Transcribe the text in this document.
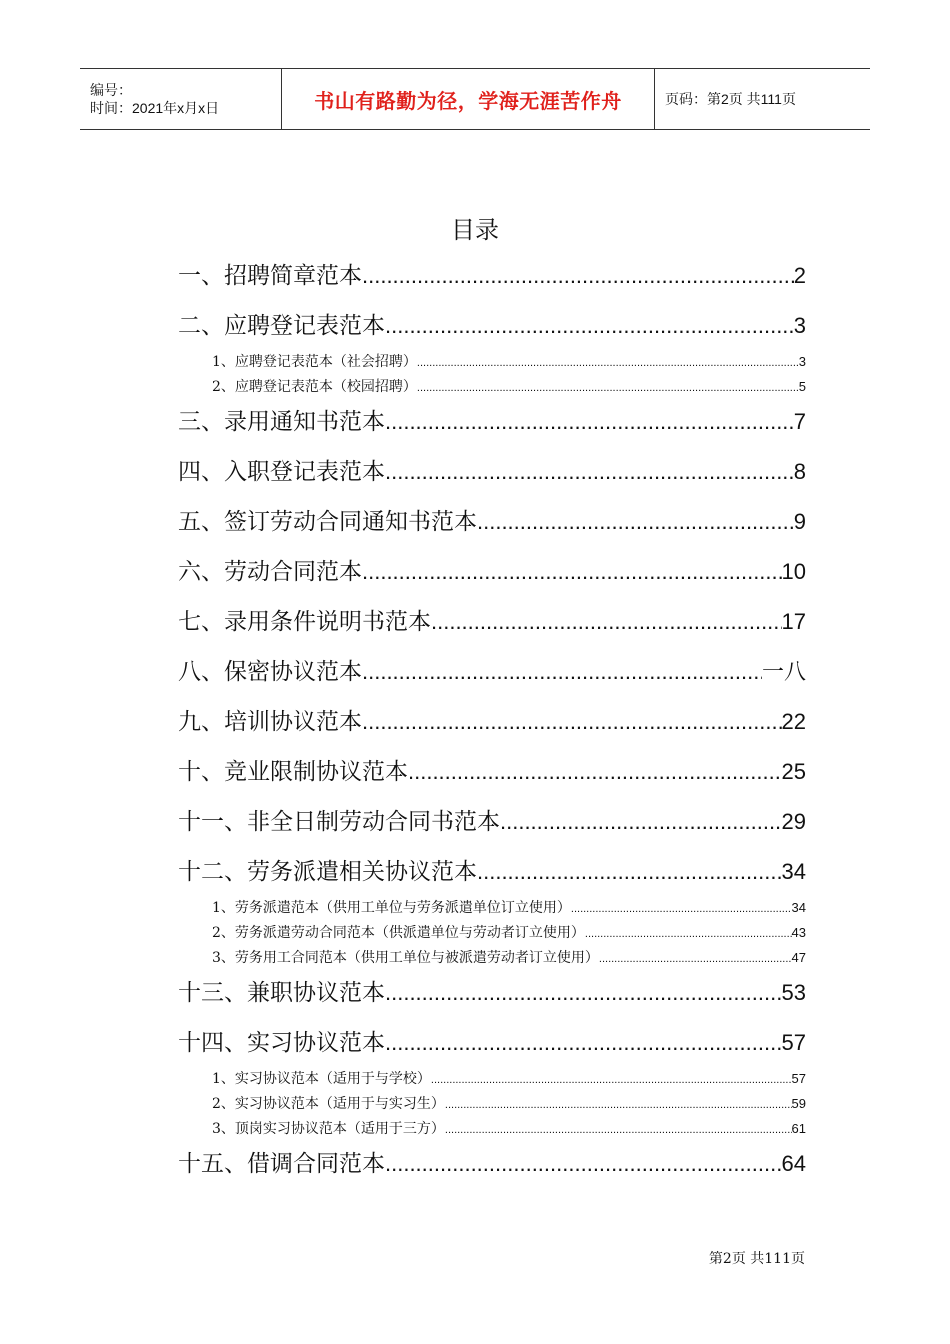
编号：
时间：2021年x月x日	书山有路勤为径，学海无涯苦作舟	页码：第2页 共111页
目录
一、招聘简章范本 .....	2
二、应聘登记表范本 .....	3
1、应聘登记表范本（社会招聘） .....	3
2、应聘登记表范本（校园招聘） .....	5
三、录用通知书范本 .....	7
四、入职登记表范本 .....	8
五、签订劳动合同通知书范本 .....	9
六、劳动合同范本 .....	10
七、录用条件说明书范本 .....	17
八、保密协议范本 .....	一八
九、培训协议范本 .....	22
十、竞业限制协议范本 .....	25
十一、非全日制劳动合同书范本 .....	29
十二、劳务派遣相关协议范本 .....	34
1、劳务派遣范本（供用工单位与劳务派遣单位订立使用） .....	34
2、劳务派遣劳动合同范本（供派遣单位与劳动者订立使用） .....	43
3、劳务用工合同范本（供用工单位与被派遣劳动者订立使用） .....	47
十三、兼职协议范本 .....	53
十四、实习协议范本 .....	57
1、实习协议范本（适用于与学校） .....	57
2、实习协议范本（适用于与实习生） .....	59
3、顶岗实习协议范本（适用于三方） .....	61
十五、借调合同范本 .....	64
第2页 共111页
